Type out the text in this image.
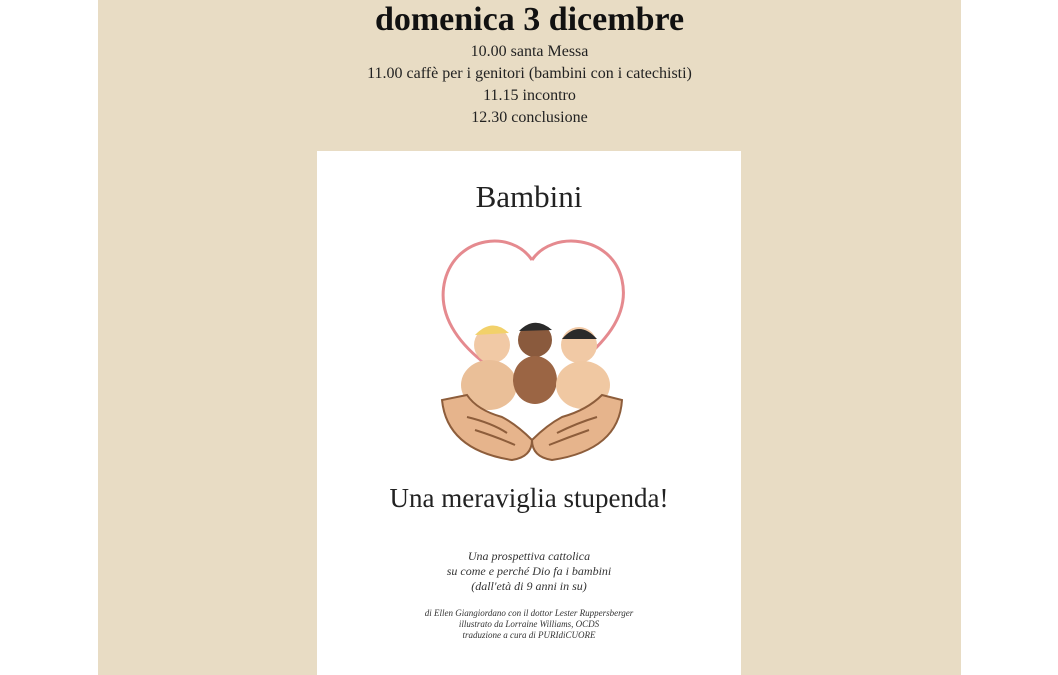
domenica 3 dicembre
10.00 santa Messa
11.00 caffè per i genitori (bambini con i catechisti)
11.15 incontro
12.30 conclusione
Bambini
Una meraviglia stupenda!
Una prospettiva cattolica
su come e perché Dio fa i bambini
(dall'età di 9 anni in su)
di Ellen Giangiordano con il dottor Lester Ruppersberger
illustrato da Lorraine Williams, OCDS
traduzione a cura di PURIdiCUORE
